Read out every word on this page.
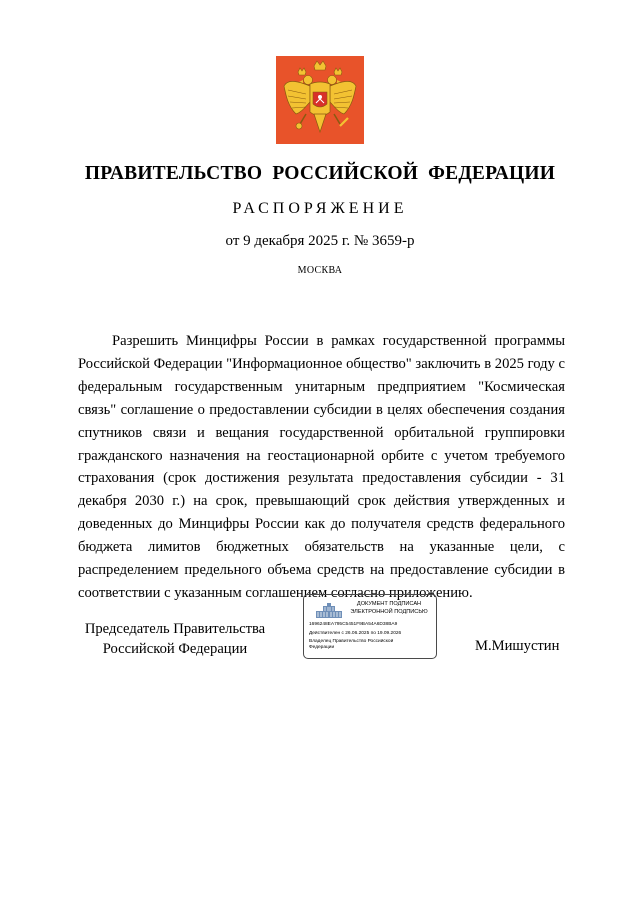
ПРАВИТЕЛЬСТВО РОССИЙСКОЙ ФЕДЕРАЦИИ
РАСПОРЯЖЕНИЕ
от 9 декабря 2025 г. № 3659-р
МОСКВА

Разрешить Минцифры России в рамках государственной программы Российской Федерации "Информационное общество" заключить в 2025 году с федеральным государственным унитарным предприятием "Космическая связь" соглашение о предоставлении субсидии в целях обеспечения создания спутников связи и вещания государственной орбитальной группировки гражданского назначения на геостационарной орбите с учетом требуемого страхования (срок достижения результата предоставления субсидии - 31 декабря 2030 г.) на срок, превышающий срок действия утвержденных и доведенных до Минцифры России как до получателя средств федерального бюджета лимитов бюджетных обязательств на указанные цели, с распределением предельного объема средств на предоставление субсидии в соответствии с указанным соглашением согласно приложению.

Председатель Правительства
Российской Федерации
ДОКУМЕНТ ПОДПИСАН
ЭЛЕКТРОННОЙ ПОДПИСЬЮ
1696248EA795C5451F9BA54A6D38BA9
Действителен с 26.06.2025 по 19.09.2026
Владелец Правительство Российской Федерации	М.Мишустин
